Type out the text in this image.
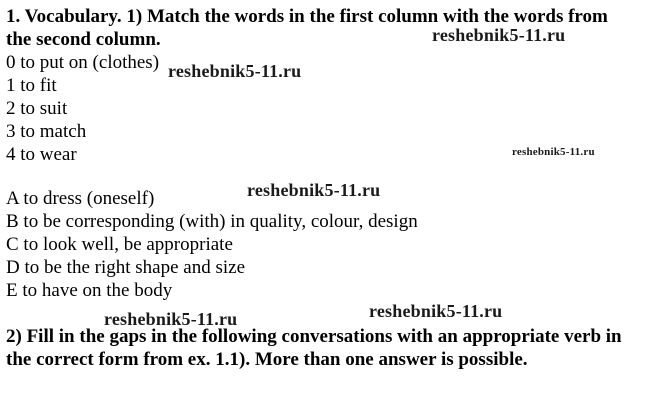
1. Vocabulary. 1) Match the words in the first column with the words from
the second column.
0 to put on (clothes)
1 to fit
2 to suit
3 to match
4 to wear
A to dress (oneself)
B to be corresponding (with) in quality, colour, design
C to look well, be appropriate
D to be the right shape and size
E to have on the body
2) Fill in the gaps in the following conversations with an appropriate verb in
the correct form from ex. 1.1). More than one answer is possible.
reshebnik5-11.ru
reshebnik5-11.ru
reshebnik5-11.ru
reshebnik5-11.ru
reshebnik5-11.ru
reshebnik5-11.ru
